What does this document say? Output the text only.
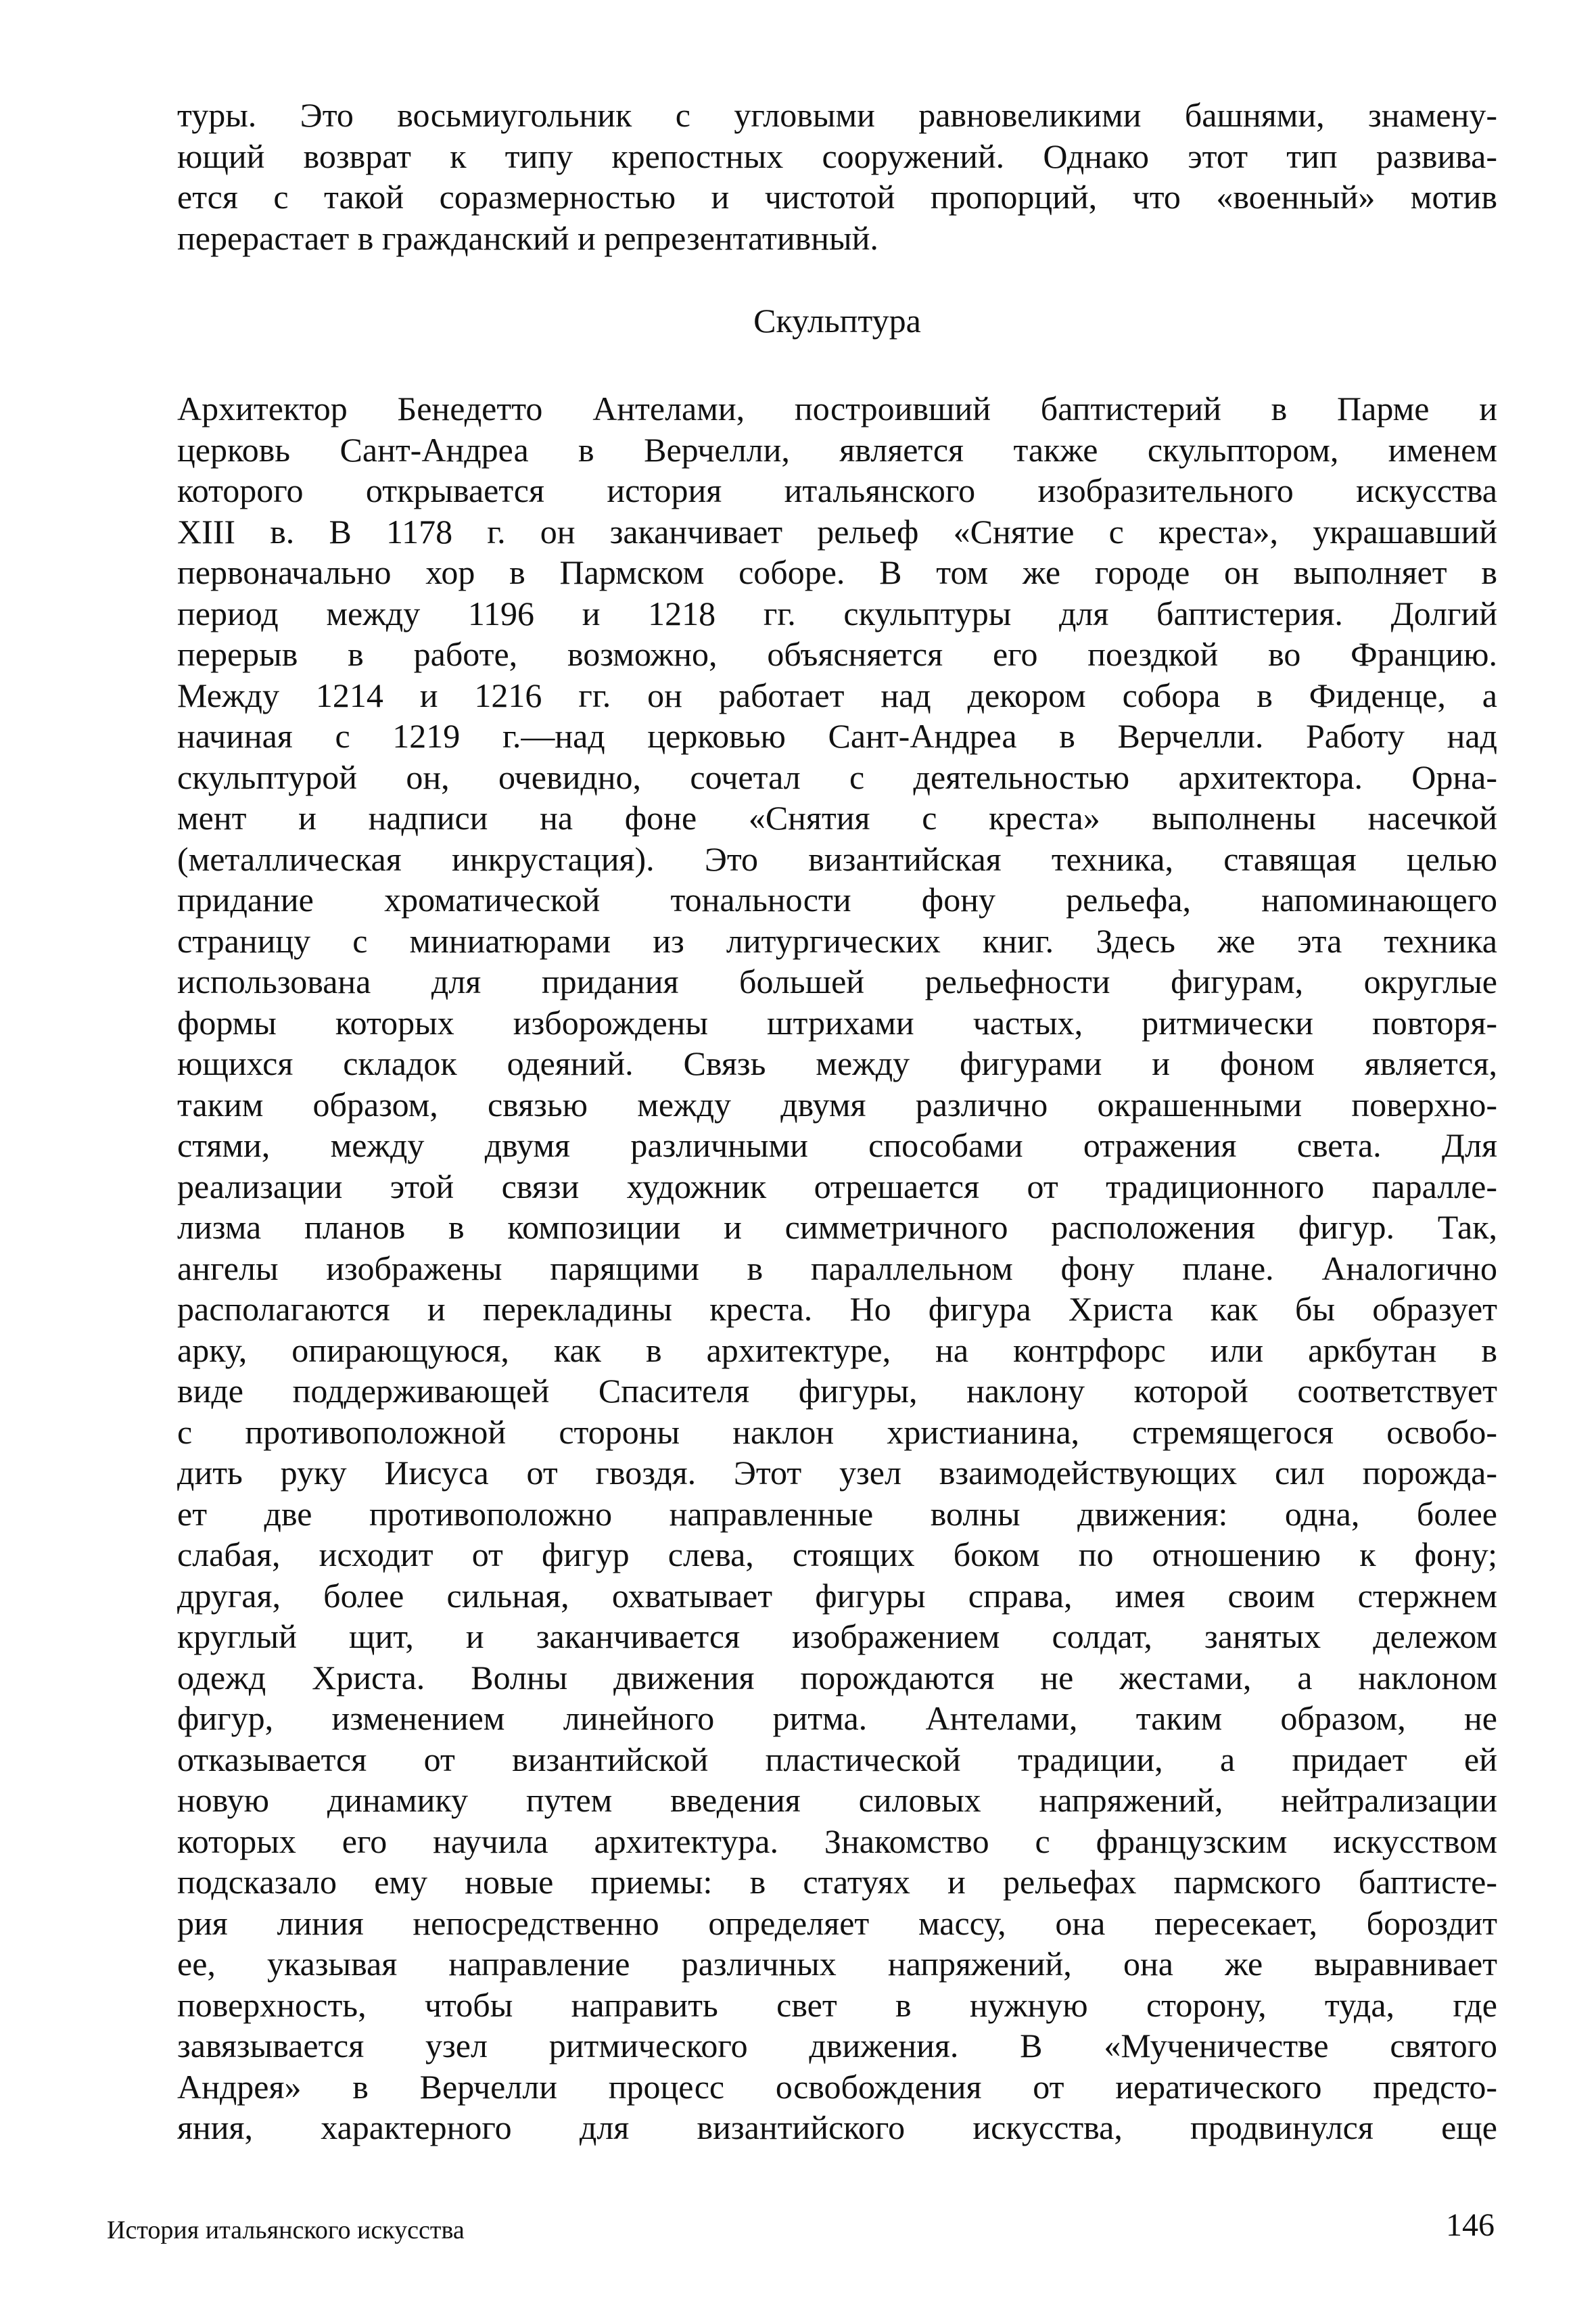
туры. Это восьмиугольник с угловыми равновеликими башнями, знамену-
ющий возврат к типу крепостных сооружений. Однако этот тип развива-
ется с такой соразмерностью и чистотой пропорций, что «военный» мотив
перерастает в гражданский и репрезентативный.
Скульптура
Архитектор Бенедетто Антелами, построивший баптистерий в Парме и
церковь Сант-Андреа в Верчелли, является также скульптором, именем
которого открывается история итальянского изобразительного искусства
XIII в. В 1178 г. он заканчивает рельеф «Снятие с креста», украшавший
первоначально хор в Пармском соборе. В том же городе он выполняет в
период между 1196 и 1218 гг. скульптуры для баптистерия. Долгий
перерыв в работе, возможно, объясняется его поездкой во Францию.
Между 1214 и 1216 гг. он работает над декором собора в Фиденце, а
начиная с 1219 г.—над церковью Сант-Андреа в Верчелли. Работу над
скульптурой он, очевидно, сочетал с деятельностью архитектора. Орна-
мент и надписи на фоне «Снятия с креста» выполнены насечкой
(металлическая инкрустация). Это византийская техника, ставящая целью
придание хроматической тональности фону рельефа, напоминающего
страницу с миниатюрами из литургических книг. Здесь же эта техника
использована для придания большей рельефности фигурам, округлые
формы которых изборождены штрихами частых, ритмически повторя-
ющихся складок одеяний. Связь между фигурами и фоном является,
таким образом, связью между двумя различно окрашенными поверхно-
стями, между двумя различными способами отражения света. Для
реализации этой связи художник отрешается от традиционного паралле-
лизма планов в композиции и симметричного расположения фигур. Так,
ангелы изображены парящими в параллельном фону плане. Аналогично
располагаются и перекладины креста. Но фигура Христа как бы образует
арку, опирающуюся, как в архитектуре, на контрфорс или аркбутан в
виде поддерживающей Спасителя фигуры, наклону которой соответствует
с противоположной стороны наклон христианина, стремящегося освобо-
дить руку Иисуса от гвоздя. Этот узел взаимодействующих сил порожда-
ет две противоположно направленные волны движения: одна, более
слабая, исходит от фигур слева, стоящих боком по отношению к фону;
другая, более сильная, охватывает фигуры справа, имея своим стержнем
круглый щит, и заканчивается изображением солдат, занятых дележом
одежд Христа. Волны движения порождаются не жестами, а наклоном
фигур, изменением линейного ритма. Антелами, таким образом, не
отказывается от византийской пластической традиции, а придает ей
новую динамику путем введения силовых напряжений, нейтрализации
которых его научила архитектура. Знакомство с французским искусством
подсказало ему новые приемы: в статуях и рельефах пармского баптисте-
рия линия непосредственно определяет массу, она пересекает, бороздит
ее, указывая направление различных напряжений, она же выравнивает
поверхность, чтобы направить свет в нужную сторону, туда, где
завязывается узел ритмического движения. В «Мученичестве святого
Андрея» в Верчелли процесс освобождения от иератического предсто-
яния, характерного для византийского искусства, продвинулся еще
История итальянского искусства	146
